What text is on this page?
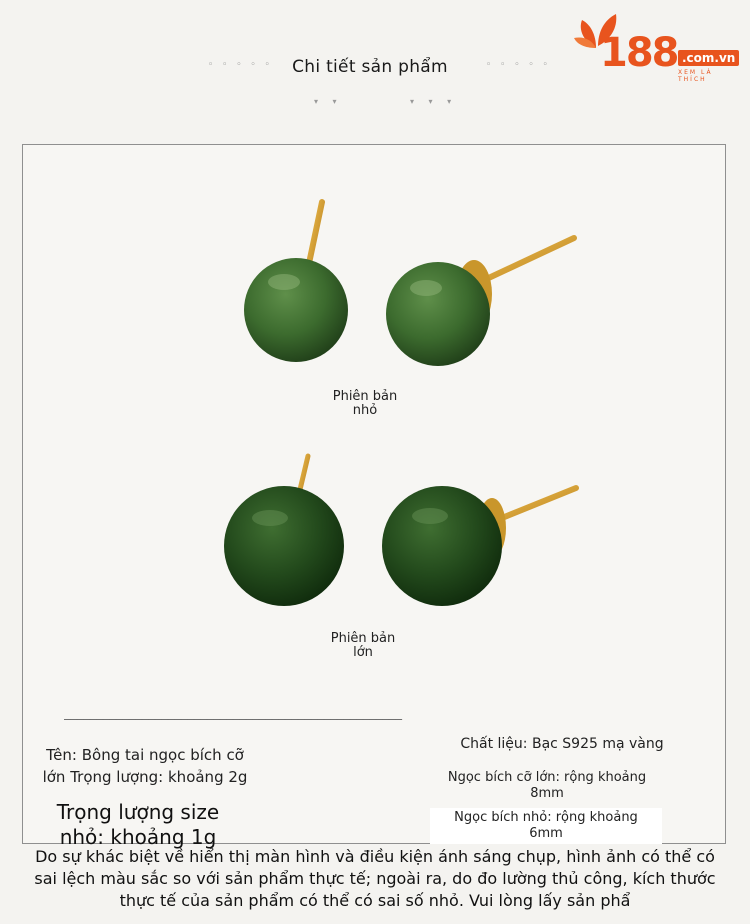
◦ ◦ ◦ ◦ ◦	Chi tiết sản phẩm	◦ ◦ ◦ ◦ ◦
▾ ▾	▾ ▾ ▾
188 .com.vn
XEM LÀ THÍCH
Phiên bản
nhỏ
Phiên bản
lớn
____________________________________________________
Tên: Bông tai ngọc bích cỡ
lớn Trọng lượng: khoảng 2g
Chất liệu: Bạc S925 mạ vàng
Ngọc bích cỡ lớn: rộng khoảng
8mm
Trọng lượng size
nhỏ: khoảng 1g
Ngọc bích nhỏ: rộng khoảng
6mm
Do sự khác biệt về hiển thị màn hình và điều kiện ánh sáng chụp, hình ảnh có thể có
sai lệch màu sắc so với sản phẩm thực tế; ngoài ra, do đo lường thủ công, kích thước
thực tế của sản phẩm có thể có sai số nhỏ. Vui lòng lấy sản phẩ
